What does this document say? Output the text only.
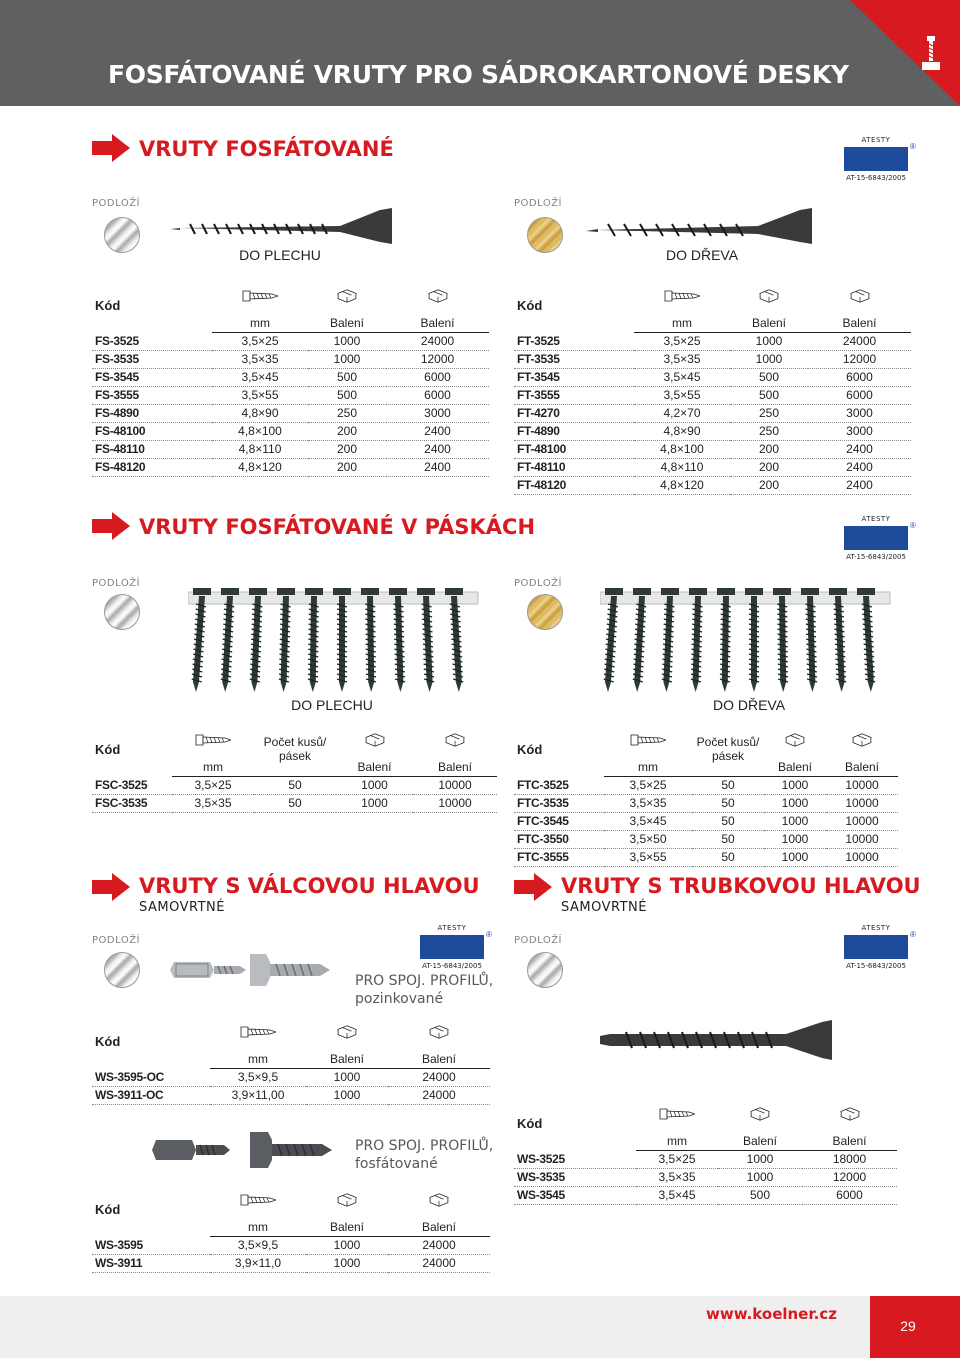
FOSFÁTOVANÉ VRUTY PRO SÁDROKARTONOVÉ DESKY
VRUTY FOSFÁTOVANÉ	ATESTY
AT-15-6843/2005
®
PODLOŽÍ
DO PLECHU
PODLOŽÍ
DO DŘEVA
Kód			
	mm	Balení	Balení
FS-3525	3,5×25	1000	24000
FS-3535	3,5×35	1000	12000
FS-3545	3,5×45	500	6000
FS-3555	3,5×55	500	6000
FS-4890	4,8×90	250	3000
FS-48100	4,8×100	200	2400
FS-48110	4,8×110	200	2400
FS-48120	4,8×120	200	2400
Kód			
	mm	Balení	Balení
FT-3525	3,5×25	1000	24000
FT-3535	3,5×35	1000	12000
FT-3545	3,5×45	500	6000
FT-3555	3,5×55	500	6000
FT-4270	4,2×70	250	3000
FT-4890	4,8×90	250	3000
FT-48100	4,8×100	200	2400
FT-48110	4,8×110	200	2400
FT-48120	4,8×120	200	2400
VRUTY FOSFÁTOVANÉ V PÁSKÁCH	ATESTY
AT-15-6843/2005
®
PODLOŽÍ
DO PLECHU
PODLOŽÍ
DO DŘEVA
Kód		Počet kusů/
pásek		
	mm		Balení	Balení
FSC-3525	3,5×25	50	1000	10000
FSC-3535	3,5×35	50	1000	10000
Kód		Počet kusů/
pásek		
	mm		Balení	Balení
FTC-3525	3,5×25	50	1000	10000
FTC-3535	3,5×35	50	1000	10000
FTC-3545	3,5×45	50	1000	10000
FTC-3550	3,5×50	50	1000	10000
FTC-3555	3,5×55	50	1000	10000
VRUTY S VÁLCOVOU HLAVOU
SAMOVRTNÉ
ATESTY
AT-15-6843/2005
®
PODLOŽÍ
PRO SPOJ. PROFILŮ,
pozinkované
Kód			
	mm	Balení	Balení
WS-3595-OC	3,5×9,5	1000	24000
WS-3911-OC	3,9×11,00	1000	24000
PRO SPOJ. PROFILŮ,
fosfátované
Kód			
	mm	Balení	Balení
WS-3595	3,5×9,5	1000	24000
WS-3911	3,9×11,0	1000	24000
VRUTY S TRUBKOVOU HLAVOU
SAMOVRTNÉ
ATESTY
AT-15-6843/2005
®
PODLOŽÍ
Kód			
	mm	Balení	Balení
WS-3525	3,5×25	1000	18000
WS-3535	3,5×35	1000	12000
WS-3545	3,5×45	500	6000
www.koelner.cz
29
